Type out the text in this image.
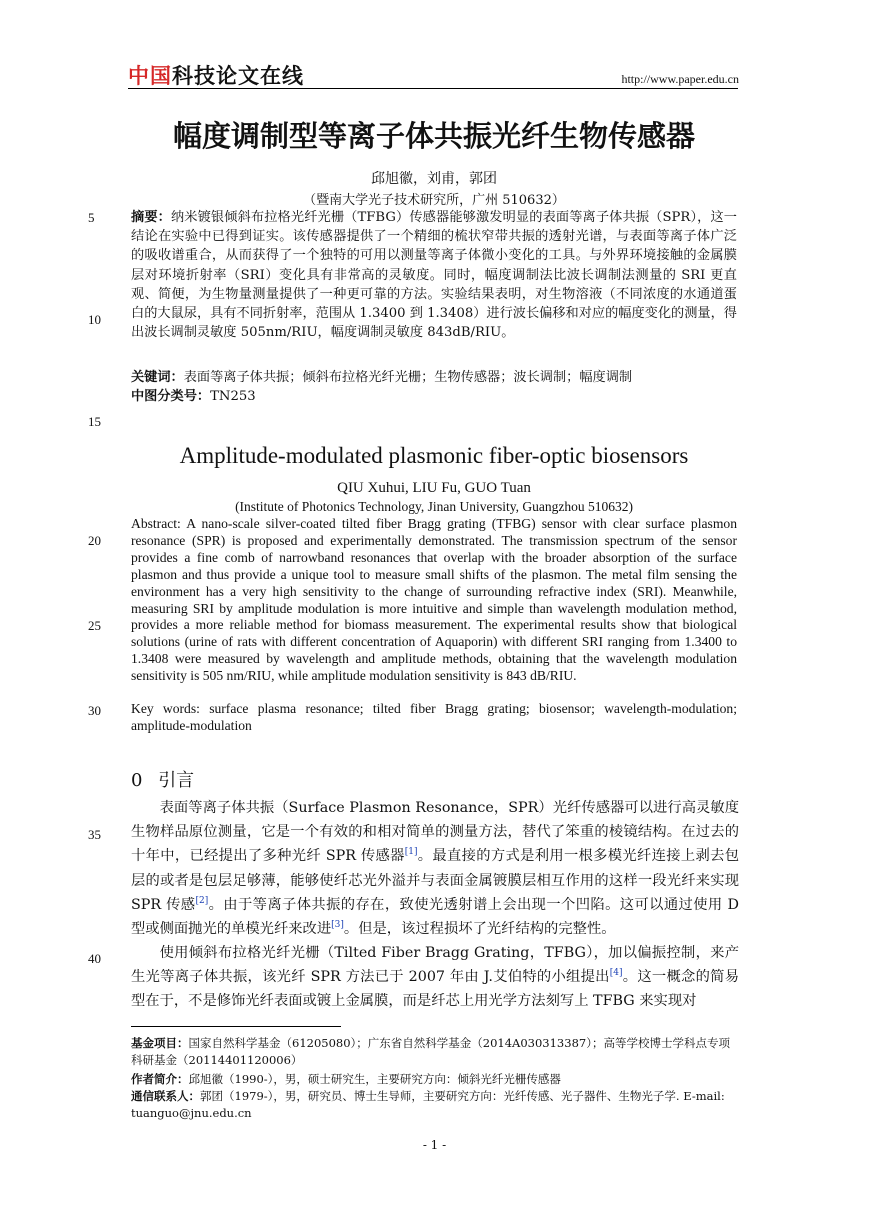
中国科技论文在线	http://www.paper.edu.cn
幅度调制型等离子体共振光纤生物传感器
邱旭徽，刘甫，郭团
（暨南大学光子技术研究所，广州 510632）
5
10
15
20
25
30
35
40
摘要：纳米镀银倾斜布拉格光纤光栅（TFBG）传感器能够激发明显的表面等离子体共振（SPR），这一结论在实验中已得到证实。该传感器提供了一个精细的梳状窄带共振的透射光谱，与表面等离子体广泛的吸收谱重合，从而获得了一个独特的可用以测量等离子体微小变化的工具。与外界环境接触的金属膜层对环境折射率（SRI）变化具有非常高的灵敏度。同时，幅度调制法比波长调制法测量的 SRI 更直观、简便，为生物量测量提供了一种更可靠的方法。实验结果表明，对生物溶液（不同浓度的水通道蛋白的大鼠尿，具有不同折射率，范围从 1.3400 到 1.3408）进行波长偏移和对应的幅度变化的测量，得出波长调制灵敏度 505nm/RIU，幅度调制灵敏度 843dB/RIU。
关键词：表面等离子体共振；倾斜布拉格光纤光栅；生物传感器；波长调制；幅度调制
中图分类号：TN253
Amplitude-modulated plasmonic fiber-optic biosensors
QIU Xuhui, LIU Fu, GUO Tuan
(Institute of Photonics Technology, Jinan University, Guangzhou 510632)
Abstract: A nano-scale silver-coated tilted fiber Bragg grating (TFBG) sensor with clear surface plasmon resonance (SPR) is proposed and experimentally demonstrated. The transmission spectrum of the sensor provides a fine comb of narrowband resonances that overlap with the broader absorption of the surface plasmon and thus provide a unique tool to measure small shifts of the plasmon. The metal film sensing the environment has a very high sensitivity to the change of surrounding refractive index (SRI). Meanwhile, measuring SRI by amplitude modulation is more intuitive and simple than wavelength modulation method, provides a more reliable method for biomass measurement. The experimental results show that biological solutions (urine of rats with different concentration of Aquaporin) with different SRI ranging from 1.3400 to 1.3408 were measured by wavelength and amplitude methods, obtaining that the wavelength modulation sensitivity is 505 nm/RIU, while amplitude modulation sensitivity is 843 dB/RIU.
Key words: surface plasma resonance; tilted fiber Bragg grating; biosensor; wavelength-modulation; amplitude-modulation
0 引言
表面等离子体共振（Surface Plasmon Resonance，SPR）光纤传感器可以进行高灵敏度生物样品原位测量，它是一个有效的和相对简单的测量方法，替代了笨重的棱镜结构。在过去的十年中，已经提出了多种光纤 SPR 传感器[1]。最直接的方式是利用一根多模光纤连接上剥去包层的或者是包层足够薄，能够使纤芯光外溢并与表面金属镀膜层相互作用的这样一段光纤来实现 SPR 传感[2]。由于等离子体共振的存在，致使光透射谱上会出现一个凹陷。这可以通过使用 D 型或侧面抛光的单模光纤来改进[3]。但是，该过程损坏了光纤结构的完整性。
使用倾斜布拉格光纤光栅（Tilted Fiber Bragg Grating，TFBG），加以偏振控制，来产生光等离子体共振，该光纤 SPR 方法已于 2007 年由 J.艾伯特的小组提出[4]。这一概念的简易型在于，不是修饰光纤表面或镀上金属膜，而是纤芯上用光学方法刻写上 TFBG 来实现对
基金项目：国家自然科学基金（61205080）；广东省自然科学基金（2014A030313387）；高等学校博士学科点专项科研基金（20114401120006）
作者简介：邱旭徽（1990-），男，硕士研究生，主要研究方向：倾斜光纤光栅传感器
通信联系人：郭团（1979-），男，研究员、博士生导师，主要研究方向：光纤传感、光子器件、生物光子学. E-mail: tuanguo@jnu.edu.cn
- 1 -
